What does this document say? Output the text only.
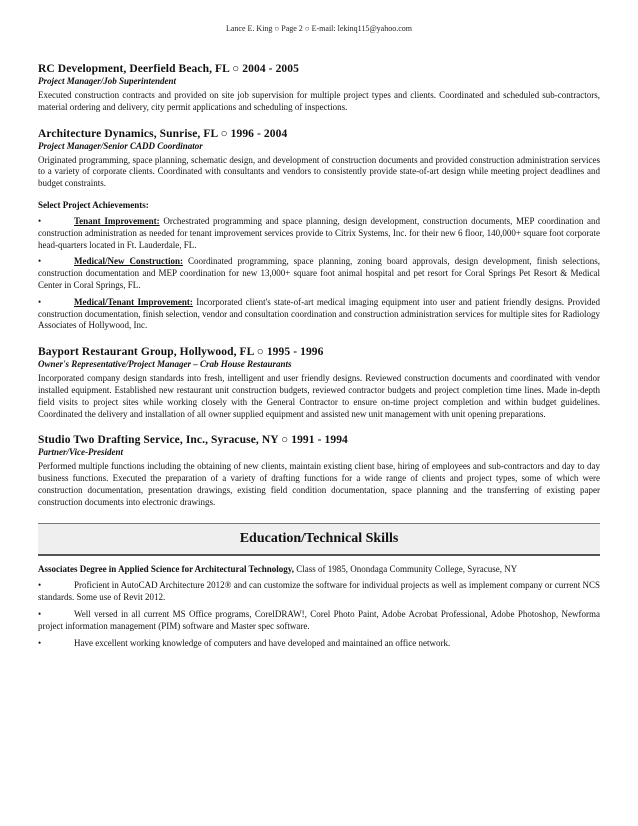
Lance E. King ○ Page 2 ○ E-mail: lekinq115@yahoo.com
RC Development, Deerfield Beach, FL ○ 2004 - 2005
Project Manager/Job Superintendent
Executed construction contracts and provided on site job supervision for multiple project types and clients. Coordinated and scheduled sub-contractors, material ordering and delivery, city permit applications and scheduling of inspections.
Architecture Dynamics, Sunrise, FL ○ 1996 - 2004
Project Manager/Senior CADD Coordinator
Originated programming, space planning, schematic design, and development of construction documents and provided construction administration services to a variety of corporate clients. Coordinated with consultants and vendors to consistently provide state-of-art design while meeting project deadlines and budget constraints.
Select Project Achievements:
•	Tenant Improvement: Orchestrated programming and space planning, design development, construction documents, MEP coordination and construction administration as needed for tenant improvement services provide to Citrix Systems, Inc. for their new 6 floor, 140,000+ square foot corporate head-quarters located in Ft. Lauderdale, FL.
•	Medical/New Construction: Coordinated programming, space planning, zoning board approvals, design development, finish selections, construction documentation and MEP coordination for new 13,000+ square foot animal hospital and pet resort for Coral Springs Pet Resort & Medical Center in Coral Springs, FL.
•	Medical/Tenant Improvement: Incorporated client's state-of-art medical imaging equipment into user and patient friendly designs. Provided construction documentation, finish selection, vendor and consultation coordination and construction administration services for multiple sites for Radiology Associates of Hollywood, Inc.
Bayport Restaurant Group, Hollywood, FL ○ 1995 - 1996
Owner's Representative/Project Manager – Crab House Restaurants
Incorporated company design standards into fresh, intelligent and user friendly designs. Reviewed construction documents and coordinated with vendor installed equipment. Established new restaurant unit construction budgets, reviewed contractor budgets and project completion time lines. Made in-depth field visits to project sites while working closely with the General Contractor to ensure on-time project completion and within budget guidelines. Coordinated the delivery and installation of all owner supplied equipment and assisted new unit management with unit opening preparations.
Studio Two Drafting Service, Inc., Syracuse, NY ○ 1991 - 1994
Partner/Vice-President
Performed multiple functions including the obtaining of new clients, maintain existing client base, hiring of employees and sub-contractors and day to day business functions. Executed the preparation of a variety of drafting functions for a wide range of clients and project types, some of which were construction documentation, presentation drawings, existing field condition documentation, space planning and the transferring of existing paper construction documents into electronic drawings.
Education/Technical Skills
Associates Degree in Applied Science for Architectural Technology, Class of 1985, Onondaga Community College, Syracuse, NY
•	Proficient in AutoCAD Architecture 2012® and can customize the software for individual projects as well as implement company or current NCS standards. Some use of Revit 2012.
•	Well versed in all current MS Office programs, CorelDRAW!, Corel Photo Paint, Adobe Acrobat Professional, Adobe Photoshop, Newforma project information management (PIM) software and Master spec software.
•	Have excellent working knowledge of computers and have developed and maintained an office network.
